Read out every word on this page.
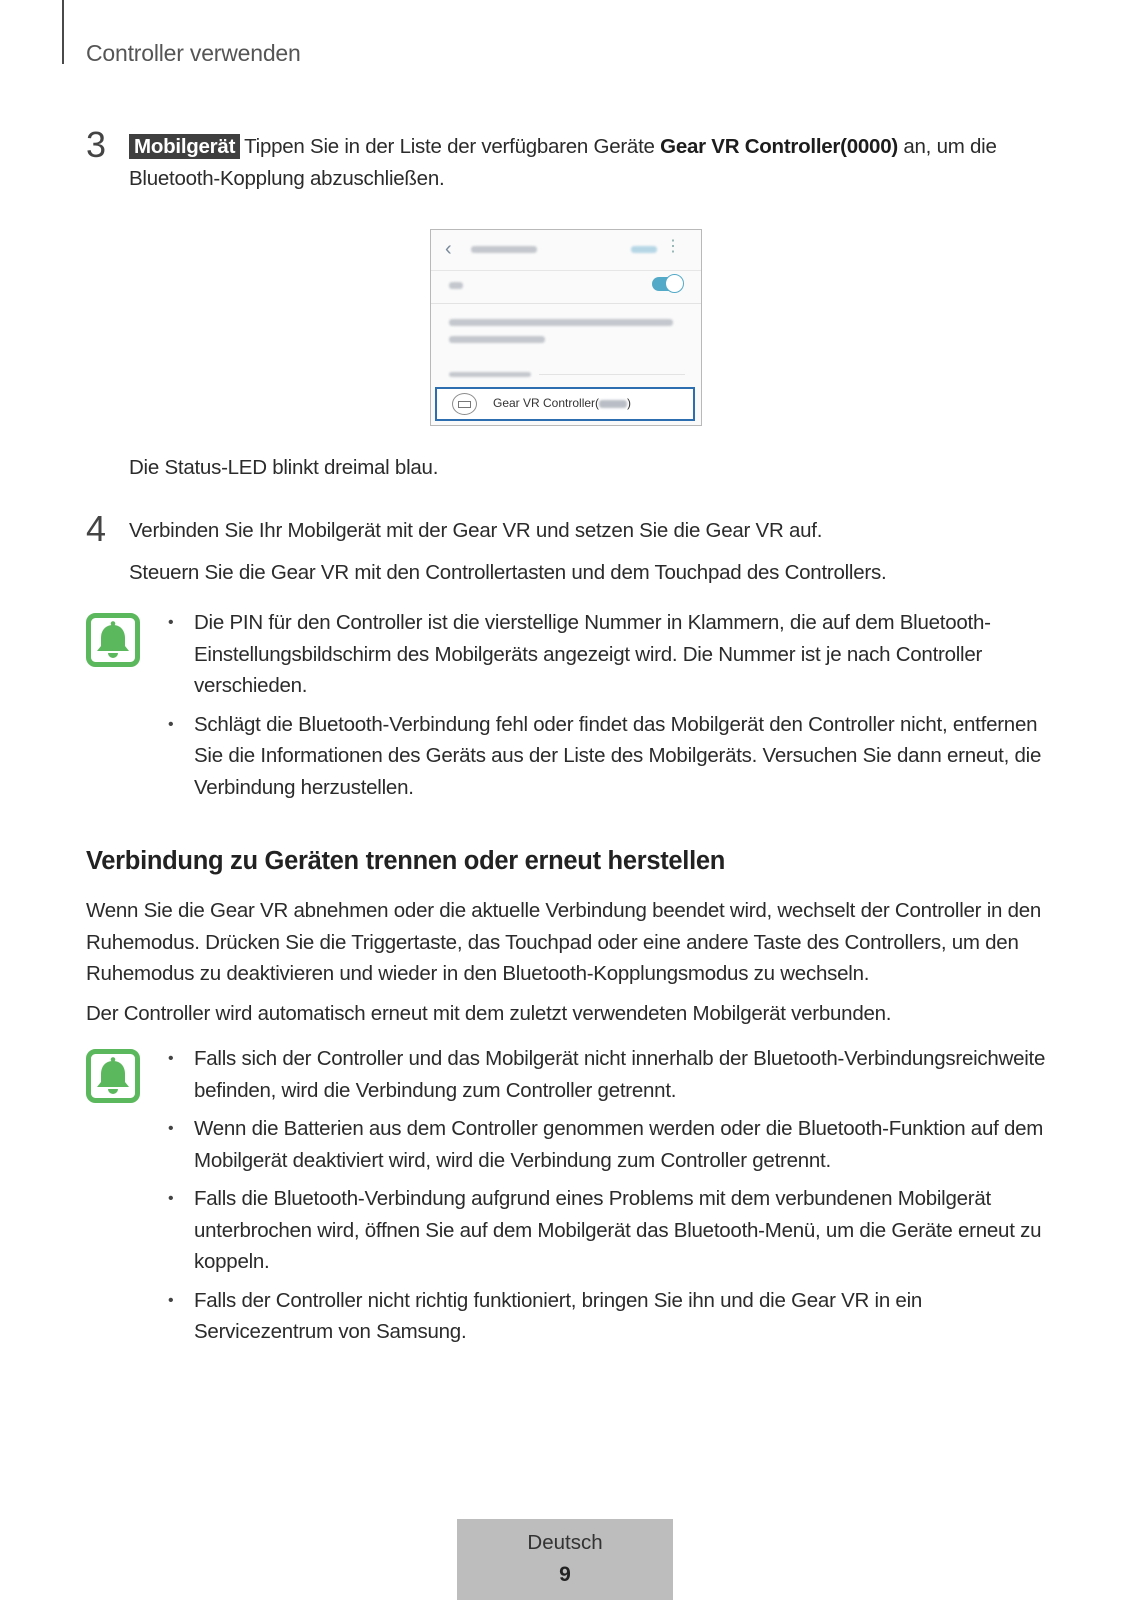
Controller verwenden
3 Mobilgerät Tippen Sie in der Liste der verfügbaren Geräte Gear VR Controller(0000) an, um die Bluetooth-Kopplung abzuschließen.
‹	⋮
Gear VR Controller( )
Die Status-LED blinkt dreimal blau.
4 Verbinden Sie Ihr Mobilgerät mit der Gear VR und setzen Sie die Gear VR auf.
Steuern Sie die Gear VR mit den Controllertasten und dem Touchpad des Controllers.
• Die PIN für den Controller ist die vierstellige Nummer in Klammern, die auf dem Bluetooth-Einstellungsbildschirm des Mobilgeräts angezeigt wird. Die Nummer ist je nach Controller verschieden.
• Schlägt die Bluetooth-Verbindung fehl oder findet das Mobilgerät den Controller nicht, entfernen Sie die Informationen des Geräts aus der Liste des Mobilgeräts. Versuchen Sie dann erneut, die Verbindung herzustellen.
Verbindung zu Geräten trennen oder erneut herstellen
Wenn Sie die Gear VR abnehmen oder die aktuelle Verbindung beendet wird, wechselt der Controller in den Ruhemodus. Drücken Sie die Triggertaste, das Touchpad oder eine andere Taste des Controllers, um den Ruhemodus zu deaktivieren und wieder in den Bluetooth-Kopplungsmodus zu wechseln.
Der Controller wird automatisch erneut mit dem zuletzt verwendeten Mobilgerät verbunden.
• Falls sich der Controller und das Mobilgerät nicht innerhalb der Bluetooth-Verbindungsreichweite befinden, wird die Verbindung zum Controller getrennt.
• Wenn die Batterien aus dem Controller genommen werden oder die Bluetooth-Funktion auf dem Mobilgerät deaktiviert wird, wird die Verbindung zum Controller getrennt.
• Falls die Bluetooth-Verbindung aufgrund eines Problems mit dem verbundenen Mobilgerät unterbrochen wird, öffnen Sie auf dem Mobilgerät das Bluetooth-Menü, um die Geräte erneut zu koppeln.
• Falls der Controller nicht richtig funktioniert, bringen Sie ihn und die Gear VR in ein Servicezentrum von Samsung.
Deutsch
9
